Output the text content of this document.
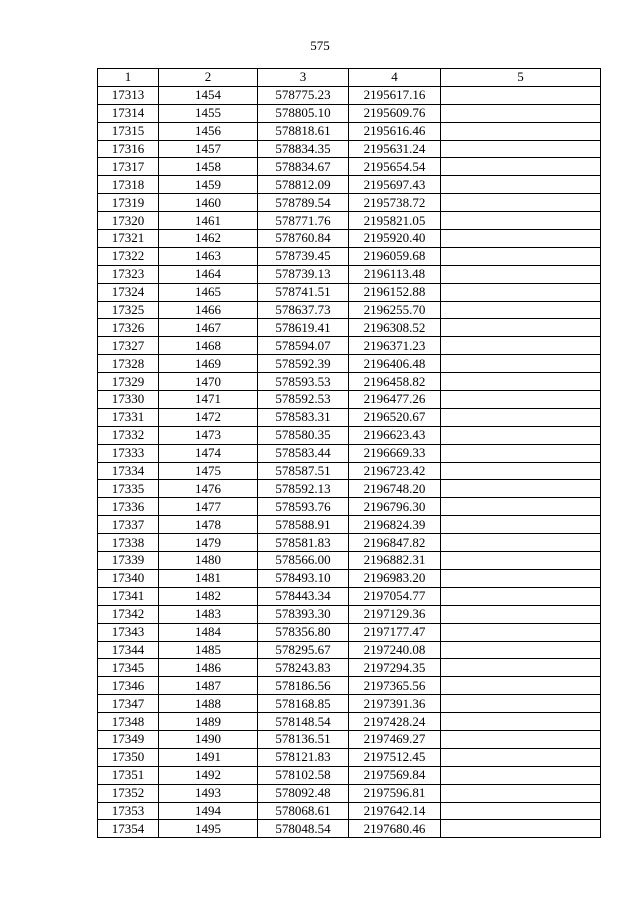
575
1	2	3	4	5
17313	1454	578775.23	2195617.16	
17314	1455	578805.10	2195609.76	
17315	1456	578818.61	2195616.46	
17316	1457	578834.35	2195631.24	
17317	1458	578834.67	2195654.54	
17318	1459	578812.09	2195697.43	
17319	1460	578789.54	2195738.72	
17320	1461	578771.76	2195821.05	
17321	1462	578760.84	2195920.40	
17322	1463	578739.45	2196059.68	
17323	1464	578739.13	2196113.48	
17324	1465	578741.51	2196152.88	
17325	1466	578637.73	2196255.70	
17326	1467	578619.41	2196308.52	
17327	1468	578594.07	2196371.23	
17328	1469	578592.39	2196406.48	
17329	1470	578593.53	2196458.82	
17330	1471	578592.53	2196477.26	
17331	1472	578583.31	2196520.67	
17332	1473	578580.35	2196623.43	
17333	1474	578583.44	2196669.33	
17334	1475	578587.51	2196723.42	
17335	1476	578592.13	2196748.20	
17336	1477	578593.76	2196796.30	
17337	1478	578588.91	2196824.39	
17338	1479	578581.83	2196847.82	
17339	1480	578566.00	2196882.31	
17340	1481	578493.10	2196983.20	
17341	1482	578443.34	2197054.77	
17342	1483	578393.30	2197129.36	
17343	1484	578356.80	2197177.47	
17344	1485	578295.67	2197240.08	
17345	1486	578243.83	2197294.35	
17346	1487	578186.56	2197365.56	
17347	1488	578168.85	2197391.36	
17348	1489	578148.54	2197428.24	
17349	1490	578136.51	2197469.27	
17350	1491	578121.83	2197512.45	
17351	1492	578102.58	2197569.84	
17352	1493	578092.48	2197596.81	
17353	1494	578068.61	2197642.14	
17354	1495	578048.54	2197680.46	
